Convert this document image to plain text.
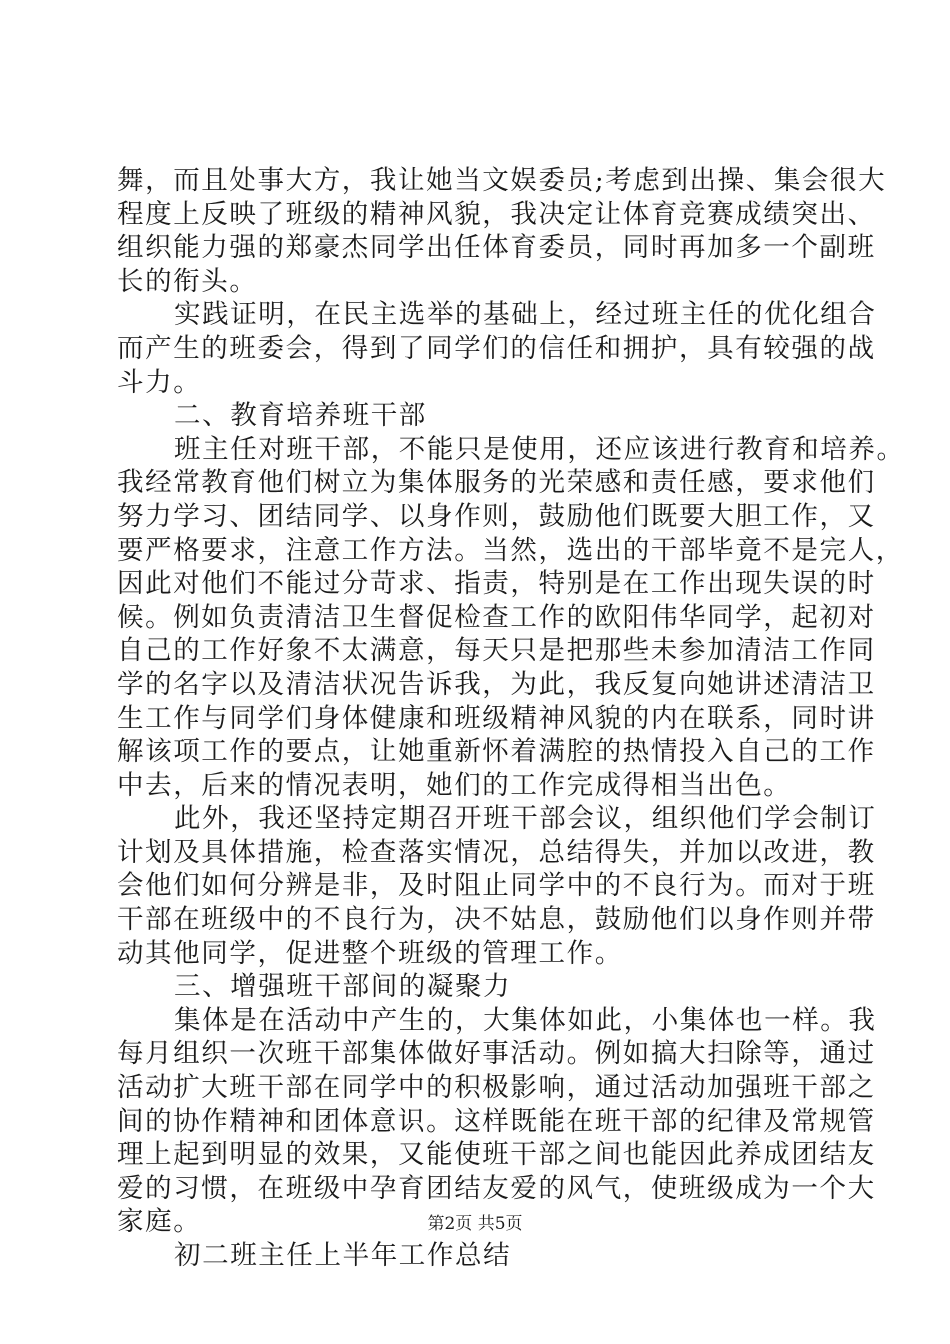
舞，而且处事大方，我让她当文娱委员;考虑到出操、集会很大
程度上反映了班级的精神风貌，我决定让体育竞赛成绩突出、
组织能力强的郑豪杰同学出任体育委员，同时再加多一个副班
长的衔头。
实践证明，在民主选举的基础上，经过班主任的优化组合
而产生的班委会，得到了同学们的信任和拥护，具有较强的战
斗力。
二、教育培养班干部
班主任对班干部，不能只是使用，还应该进行教育和培养。
我经常教育他们树立为集体服务的光荣感和责任感，要求他们
努力学习、团结同学、以身作则，鼓励他们既要大胆工作，又
要严格要求，注意工作方法。当然，选出的干部毕竟不是完人，
因此对他们不能过分苛求、指责，特别是在工作出现失误的时
候。例如负责清洁卫生督促检查工作的欧阳伟华同学，起初对
自己的工作好象不太满意，每天只是把那些未参加清洁工作同
学的名字以及清洁状况告诉我，为此，我反复向她讲述清洁卫
生工作与同学们身体健康和班级精神风貌的内在联系，同时讲
解该项工作的要点，让她重新怀着满腔的热情投入自己的工作
中去，后来的情况表明，她们的工作完成得相当出色。
此外，我还坚持定期召开班干部会议，组织他们学会制订
计划及具体措施，检查落实情况，总结得失，并加以改进，教
会他们如何分辨是非，及时阻止同学中的不良行为。而对于班
干部在班级中的不良行为，决不姑息，鼓励他们以身作则并带
动其他同学，促进整个班级的管理工作。
三、增强班干部间的凝聚力
集体是在活动中产生的，大集体如此，小集体也一样。我
每月组织一次班干部集体做好事活动。例如搞大扫除等，通过
活动扩大班干部在同学中的积极影响，通过活动加强班干部之
间的协作精神和团体意识。这样既能在班干部的纪律及常规管
理上起到明显的效果，又能使班干部之间也能因此养成团结友
爱的习惯，在班级中孕育团结友爱的风气，使班级成为一个大
家庭。
初二班主任上半年工作总结
第2页 共5页
